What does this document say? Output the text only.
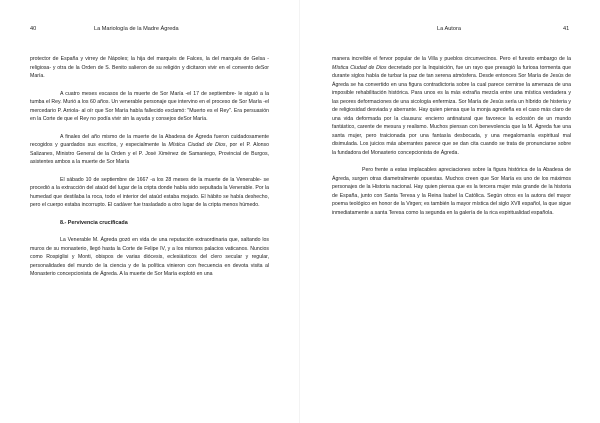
40	La Mariología de la Madre Ágreda

protector de España y virrey de Nápoles; la hija del marqués de Falces, la del marqués de Gelsa -religiosa- y otra de la Orden de S. Benito salieron de su religión y dicitaron vivir en el convento deSor María.

A cuatro meses escasos de la muerte de Sor María -el 17 de septiembre- le siguió a la tumba el Rey. Murió a los 60 años. Un venerable personaje que intervino en el proceso de Sor María -el mercedario P. Arriola- al oír que Sor María había fallecido exclamó: "Muerto es el Rey". Era persuasión en la Corte de que el Rey no podía vivir sin la ayuda y consejos deSor María.

A finales del año mismo de la muerte de la Abadesa de Ágreda fueron cuidadosamente recogidos y guardados sus escritos, y especialmente la Mística Ciudad de Dios, por el P. Alonso Salizanes, Ministro General de la Orden y el P. José Ximénez de Samaniego, Provincial de Burgos, asistentes ambos a la muerte de Sor María

El sábado 10 de septiembre de 1667 -a los 28 meses de la muerte de la Venerable- se procedió a la extracción del ataúd del lugar de la cripta donde había sido sepultada la Venerable. Por la humedad que destilaba la roca, todo el interior del ataúd estaba mojado. El hábito se había deshecho, pero el cuerpo estaba incorrupto. El cadáver fue trasladado a otro lugar de la cripta menos húmedo.

8.- Pervivencia crucificada

La Venerable M. Ágreda gozó en vida de una reputación extraordinaria que, saltando los muros de su monasterio, llegó hasta la Corte de Felipe IV, y a los mismos palacios vaticanos. Nuncios como Rospiglisi y Monti, obispos de varias diócesis, eclesiásticos del clero secular y regular, personalidades del mundo de la ciencia y de la política vinieron con frecuencia en devota visita al Monasterio concepcionista de Ágreda. A la muerte de Sor María explotó en una

La Autora	41

manera increíble el fervor popular de la Villa y pueblos circunvecinos. Pero el furesto embargo de la Mística Ciudad de Dios decretado por la Inquisición, fue un rayo que presagió la furiosa tormenta que durante siglos había de turbar la paz de tan serena atmósfera. Desde entonces Sor María de Jesús de Ágreda se ha convertido en una figura contradictoria sobre la cual parece cernirse la amenaza de una imposible rehabilitación histórica. Para unos es la más extraña mezcla entre una mística verdadera y las peores deformaciones de una sicología enfermiza. Sor María de Jesús sería un híbrido de histeria y de religiosidad desviada y aberrante. Hay quien piensa que la monja agredeña es el caso más claro de una vida deformada por la clausura: encierro antinatural que favorece la eclosión de un mundo fantástico, carente de mesura y realismo. Muchos piensan con benevolencia que la M. Ágreda fue una santa mujer, pero traicionada por una fantasía desbocada, y una megalomanía espiritual mal disimulada. Los juicios más aberrantes parece que se dan cita cuando se trata de pronunciarse sobre la fundadora del Monasterio concepcionista de Ágreda.

Pero frente a estas implacables apreciaciones sobre la figura histórica de la Abadesa de Ágreda, surgen otras diametralmente opuestas. Muchos creen que Sor María es uno de los máximos personajes de la Historia nacional. Hay quien piensa que es la tercera mujer más grande de la historia de España, junto con Santa Teresa y la Reina Isabel la Católica. Según otros es la autora del mayor poema teológico en honor de la Virgen; es también la mayor mística del siglo XVII español, la que sigue inmediatamente a santa Teresa como la segunda en la galería de la rica espiritualidad española.
